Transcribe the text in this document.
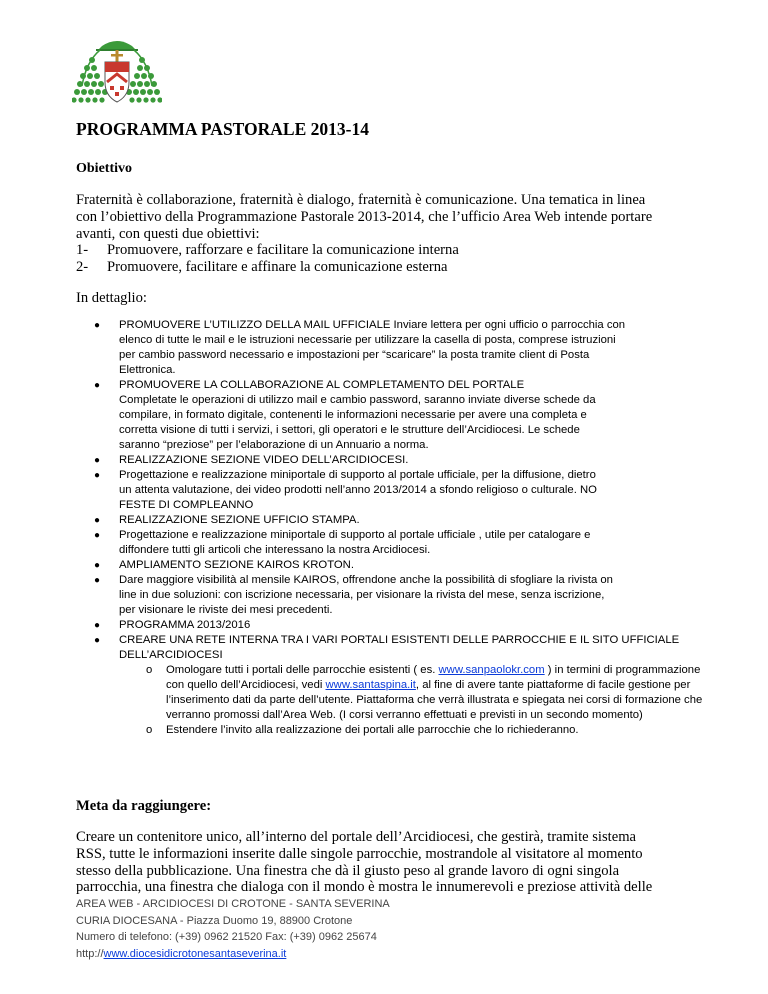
PROGRAMMA PASTORALE 2013-14
Obiettivo
Fraternità è collaborazione, fraternità è dialogo, fraternità è comunicazione. Una tematica in linea
con l’obiettivo della Programmazione Pastorale 2013-2014, che l’ufficio Area Web intende portare
avanti, con questi due obiettivi:
1- Promuovere, rafforzare e facilitare la comunicazione interna
2- Promuovere, facilitare e affinare la comunicazione esterna
In dettaglio:
● PROMUOVERE L’UTILIZZO DELLA MAIL UFFICIALE Inviare lettera per ogni ufficio o parrocchia con
elenco di tutte le mail e le istruzioni necessarie per utilizzare la casella di posta, comprese istruzioni
per cambio password necessario e impostazioni per “scaricare” la posta tramite client di Posta
Elettronica.
● PROMUOVERE LA COLLABORAZIONE AL COMPLETAMENTO DEL PORTALE
Completate le operazioni di utilizzo mail e cambio password, saranno inviate diverse schede da
compilare, in formato digitale, contenenti le informazioni necessarie per avere una completa e
corretta visione di tutti i servizi, i settori, gli operatori e le strutture dell’Arcidiocesi. Le schede
saranno “preziose” per l’elaborazione di un Annuario a norma.
● REALIZZAZIONE SEZIONE VIDEO DELL’ARCIDIOCESI.
● Progettazione e realizzazione miniportale di supporto al portale ufficiale, per la diffusione, dietro
un attenta valutazione, dei video prodotti nell’anno 2013/2014 a sfondo religioso o culturale. NO
FESTE DI COMPLEANNO
● REALIZZAZIONE SEZIONE UFFICIO STAMPA.
● Progettazione e realizzazione miniportale di supporto al portale ufficiale , utile per catalogare e
diffondere tutti gli articoli che interessano la nostra Arcidiocesi.
● AMPLIAMENTO SEZIONE KAIROS KROTON.
● Dare maggiore visibilità al mensile KAIROS, offrendone anche la possibilità di sfogliare la rivista on
line in due soluzioni: con iscrizione necessaria, per visionare la rivista del mese, senza iscrizione,
per visionare le riviste dei mesi precedenti.
● PROGRAMMA 2013/2016
● CREARE UNA RETE INTERNA TRA I VARI PORTALI ESISTENTI DELLE PARROCCHIE E IL SITO UFFICIALE
DELL’ARCIDIOCESI
o Omologare tutti i portali delle parrocchie esistenti ( es. www.sanpaolokr.com ) in termini di programmazione con quello dell’Arcidiocesi, vedi www.santaspina.it, al fine di avere tante piattaforme di facile gestione per l’inserimento dati da parte dell’utente. Piattaforma che verrà illustrata e spiegata nei corsi di formazione che verranno promossi dall’Area Web. (I corsi verranno effettuati e previsti in un secondo momento)
o Estendere l’invito alla realizzazione dei portali alle parrocchie che lo richiederanno.
Meta da raggiungere:
Creare un contenitore unico, all’interno del portale dell’Arcidiocesi, che gestirà, tramite sistema
RSS, tutte le informazioni inserite dalle singole parrocchie, mostrandole al visitatore al momento
stesso della pubblicazione. Una finestra che dà il giusto peso al grande lavoro di ogni singola
parrocchia, una finestra che dialoga con il mondo è mostra le innumerevoli e preziose attività delle
AREA WEB - ARCIDIOCESI DI CROTONE - SANTA SEVERINA
CURIA DIOCESANA - Piazza Duomo 19, 88900 Crotone
Numero di telefono: (+39) 0962 21520 Fax: (+39) 0962 25674
http://www.diocesidicrotonesantaseverina.it
